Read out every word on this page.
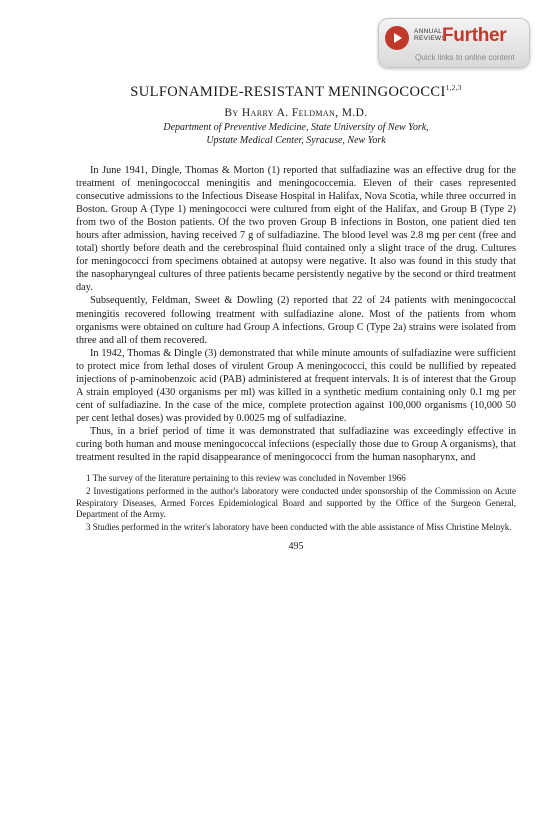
ANNUAL REVIEWS
Further
Quick links to online content
SULFONAMIDE-RESISTANT MENINGOCOCCI$^{1,2,3}$
By Harry A. Feldman, M.D.
Department of Preventive Medicine, State University of New York,
Upstate Medical Center, Syracuse, New York

In June 1941, Dingle, Thomas & Morton (1) reported that sulfadiazine was an effective drug for the treatment of meningococcal meningitis and meningococcemia. Eleven of their cases represented consecutive admissions to the Infectious Disease Hospital in Halifax, Nova Scotia, while three occurred in Boston. Group A (Type 1) meningococci were cultured from eight of the Halifax, and Group B (Type 2) from two of the Boston patients. Of the two proven Group B infections in Boston, one patient died ten hours after admission, having received 7 g of sulfadiazine. The blood level was 2.8 mg per cent (free and total) shortly before death and the cerebrospinal fluid contained only a slight trace of the drug. Cultures for meningococci from specimens obtained at autopsy were negative. It also was found in this study that the nasopharyngeal cultures of three patients became persistently negative by the second or third treatment day.

Subsequently, Feldman, Sweet & Dowling (2) reported that 22 of 24 patients with meningococcal meningitis recovered following treatment with sulfadiazine alone. Most of the patients from whom organisms were obtained on culture had Group A infections. Group C (Type 2a) strains were isolated from three and all of them recovered.

In 1942, Thomas & Dingle (3) demonstrated that while minute amounts of sulfadiazine were sufficient to protect mice from lethal doses of virulent Group A meningococci, this could be nullified by repeated injections of p-aminobenzoic acid (PAB) administered at frequent intervals. It is of interest that the Group A strain employed (430 organisms per ml) was killed in a synthetic medium containing only 0.1 mg per cent of sulfadiazine. In the case of the mice, complete protection against 100,000 organisms (10,000 50 per cent lethal doses) was provided by 0.0025 mg of sulfadiazine.

Thus, in a brief period of time it was demonstrated that sulfadiazine was exceedingly effective in curing both human and mouse meningococcal infections (especially those due to Group A organisms), that treatment resulted in the rapid disappearance of meningococci from the human nasopharynx, and

1 The survey of the literature pertaining to this review was concluded in November 1966

2 Investigations performed in the author's laboratory were conducted under sponsorship of the Commission on Acute Respiratory Diseases, Armed Forces Epidemiological Board and supported by the Office of the Surgeon General, Department of the Army.

3 Studies performed in the writer's laboratory have been conducted with the able assistance of Miss Christine Melnyk.

495
